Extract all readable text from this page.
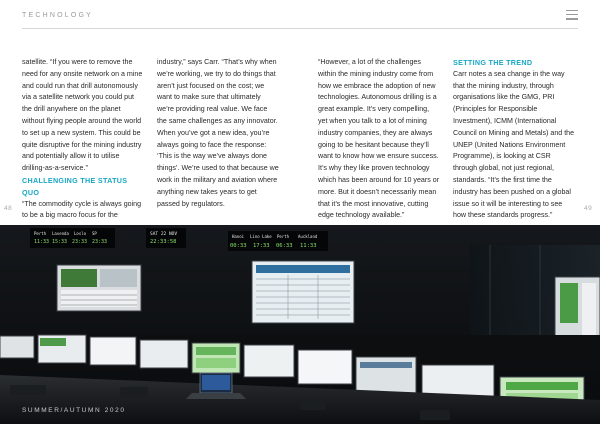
TECHNOLOGY

satellite. “If you were to remove the need for any onsite network on a mine and could run that drill autonomously via a satellite network you could put the drill anywhere on the planet without flying people around the world to set up a new system. This could be quite disruptive for the mining industry and potentially allow it to utilise drilling-as-a-service.”

CHALLENGING THE STATUS QUO

“The commodity cycle is always going to be a big macro focus for the

industry,” says Carr. “That’s why when we’re working, we try to do things that aren’t just focused on the cost; we want to make sure that ultimately we’re providing real value. We face the same challenges as any innovator. When you’ve got a new idea, you’re always going to face the response: ‘This is the way we’ve always done things’. We’re used to that because we work in the military and aviation where anything new takes years to get passed by regulators.

“However, a lot of the challenges within the mining industry come from how we embrace the adoption of new technologies. Autonomous drilling is a great example. It’s very compelling, yet when you talk to a lot of mining industry companies, they are always going to be hesitant because they’ll want to know how we ensure success. It’s why they like proven technology which has been around for 10 years or more. But it doesn’t necessarily mean that it’s the most innovative, cutting edge technology available.”

SETTING THE TREND

Carr notes a sea change in the way that the mining industry, through organisations like the GMG, PRI (Principles for Responsible Investment), ICMM (International Council on Mining and Metals) and the UNEP (United Nations Environment Programme), is looking at CSR through global, not just regional, standards. “It’s the first time the industry has been pushed on a global issue so it will be interesting to see how these standards progress.”

48	49
Perth Lavenda Loslo SP
11:33 15:33 23:33 23:33
SAT 22 NOV
22:33:58
Hanoi Lino Lake Perth Auckland
00:33 17:33 06:33 11:33
SUMMER/AUTUMN 2020
